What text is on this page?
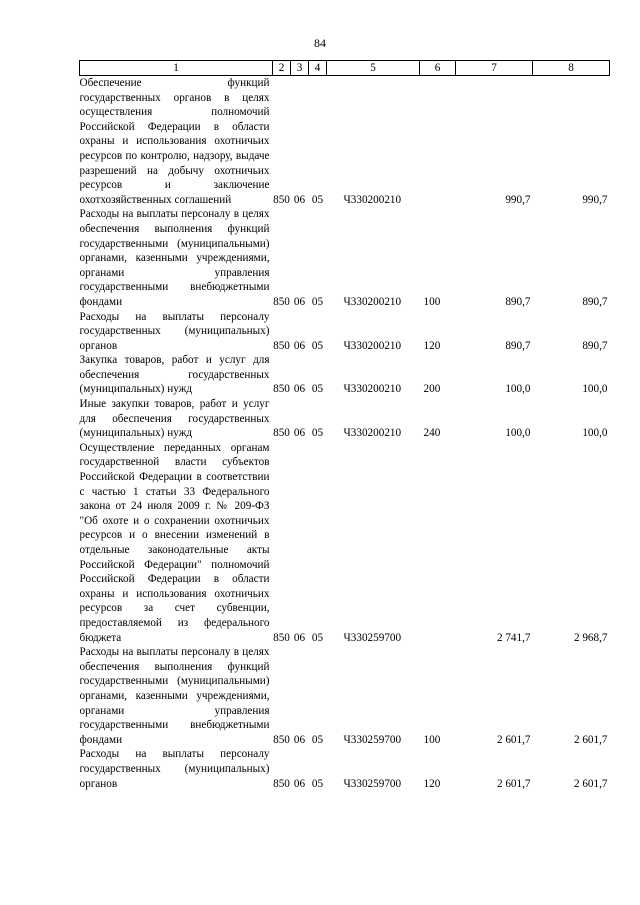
84
1	2	3	4	5	6	7	8
Обеспечение функций государственных органов в целях осуществления полномочий Российской Федерации в области охраны и использования охотничьих ресурсов по контролю, надзору, выдаче разрешений на добычу охотничьих ресурсов и заключение охотхозяйственных соглашений	850	06	05	Ч330200210		990,7	990,7
Расходы на выплаты персоналу в целях обеспечения выполнения функций государственными (муниципальными) органами, казенными учреждениями, органами управления государственными внебюджетными фондами	850	06	05	Ч330200210	100	890,7	890,7
Расходы на выплаты персоналу государственных (муниципальных) органов	850	06	05	Ч330200210	120	890,7	890,7
Закупка товаров, работ и услуг для обеспечения государственных (муниципальных) нужд	850	06	05	Ч330200210	200	100,0	100,0
Иные закупки товаров, работ и услуг для обеспечения государственных (муниципальных) нужд	850	06	05	Ч330200210	240	100,0	100,0
Осуществление переданных органам государственной власти субъектов Российской Федерации в соответствии с частью 1 статьи 33 Федерального закона от 24 июля 2009 г. № 209-ФЗ "Об охоте и о сохранении охотничьих ресурсов и о внесении изменений в отдельные законодательные акты Российской Федерации" полномочий Российской Федерации в области охраны и использования охотничьих ресурсов за счет субвенции, предоставляемой из федерального бюджета	850	06	05	Ч330259700		2 741,7	2 968,7
Расходы на выплаты персоналу в целях обеспечения выполнения функций государственными (муниципальными) органами, казенными учреждениями, органами управления государственными внебюджетными фондами	850	06	05	Ч330259700	100	2 601,7	2 601,7
Расходы на выплаты персоналу государственных (муниципальных) органов	850	06	05	Ч330259700	120	2 601,7	2 601,7
